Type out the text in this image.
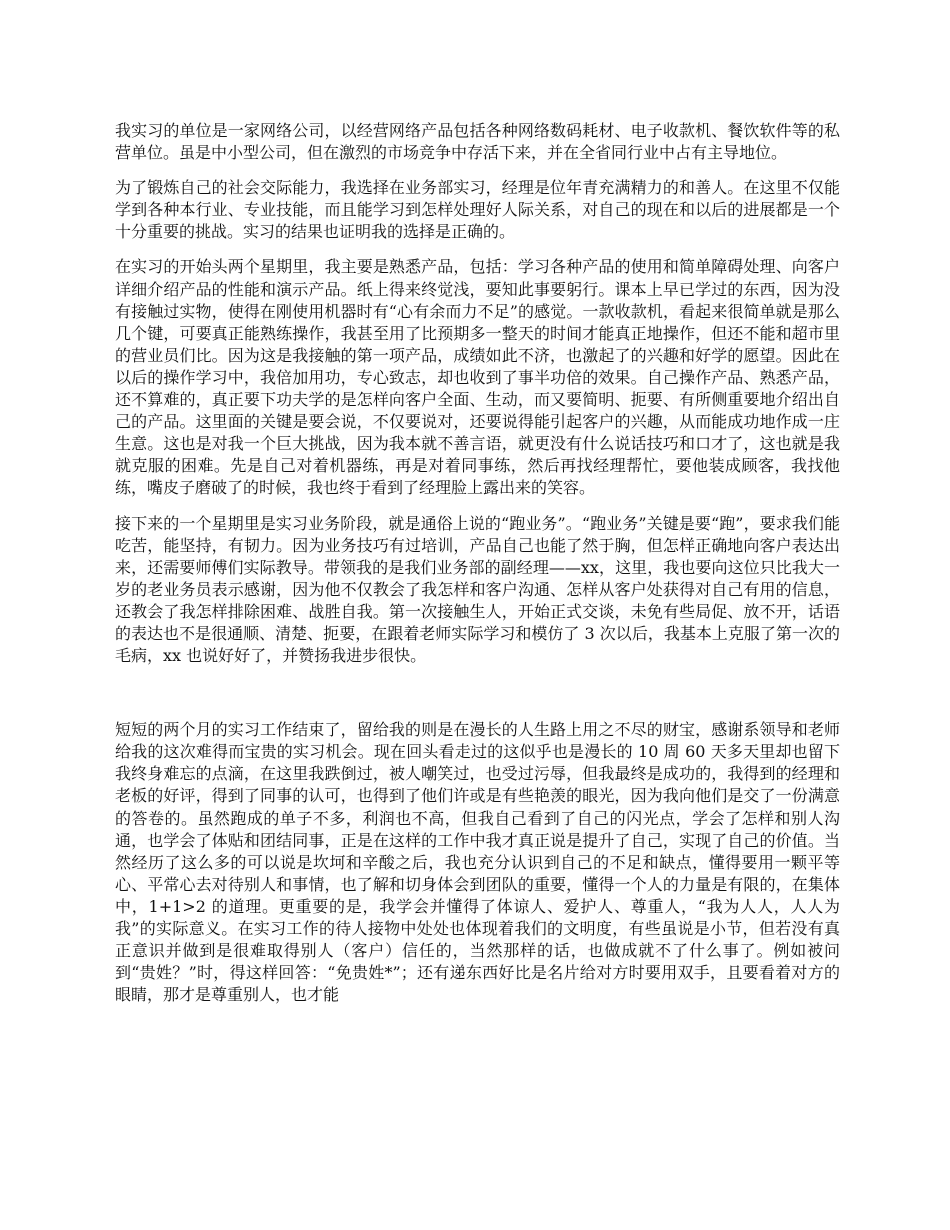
我实习的单位是一家网络公司，以经营网络产品包括各种网络数码耗材、电子收款机、餐饮软件等的私营单位。虽是中小型公司，但在激烈的市场竞争中存活下来，并在全省同行业中占有主导地位。

为了锻炼自己的社会交际能力，我选择在业务部实习，经理是位年青充满精力的和善人。在这里不仅能学到各种本行业、专业技能，而且能学习到怎样处理好人际关系，对自己的现在和以后的进展都是一个十分重要的挑战。实习的结果也证明我的选择是正确的。

在实习的开始头两个星期里，我主要是熟悉产品，包括：学习各种产品的使用和简单障碍处理、向客户详细介绍产品的性能和演示产品。纸上得来终觉浅，要知此事要躬行。课本上早已学过的东西，因为没有接触过实物，使得在刚使用机器时有“心有余而力不足”的感觉。一款收款机，看起来很简单就是那么几个键，可要真正能熟练操作，我甚至用了比预期多一整天的时间才能真正地操作，但还不能和超市里的营业员们比。因为这是我接触的第一项产品，成绩如此不济，也激起了的兴趣和好学的愿望。因此在以后的操作学习中，我倍加用功，专心致志，却也收到了事半功倍的效果。自己操作产品、熟悉产品，还不算难的，真正要下功夫学的是怎样向客户全面、生动，而又要简明、扼要、有所侧重要地介绍出自己的产品。这里面的关键是要会说，不仅要说对，还要说得能引起客户的兴趣，从而能成功地作成一庄生意。这也是对我一个巨大挑战，因为我本就不善言语，就更没有什么说话技巧和口才了，这也就是我就克服的困难。先是自己对着机器练，再是对着同事练，然后再找经理帮忙，要他装成顾客，我找他练，嘴皮子磨破了的时候，我也终于看到了经理脸上露出来的笑容。

接下来的一个星期里是实习业务阶段，就是通俗上说的“跑业务”。“跑业务”关键是要“跑”，要求我们能吃苦，能坚持，有韧力。因为业务技巧有过培训，产品自己也能了然于胸，但怎样正确地向客户表达出来，还需要师傅们实际教导。带领我的是我们业务部的副经理——xx，这里，我也要向这位只比我大一岁的老业务员表示感谢，因为他不仅教会了我怎样和客户沟通、怎样从客户处获得对自己有用的信息，还教会了我怎样排除困难、战胜自我。第一次接触生人，开始正式交谈，未免有些局促、放不开，话语的表达也不是很通顺、清楚、扼要，在跟着老师实际学习和模仿了 3 次以后，我基本上克服了第一次的毛病，xx 也说好好了，并赞扬我进步很快。

短短的两个月的实习工作结束了，留给我的则是在漫长的人生路上用之不尽的财宝，感谢系领导和老师给我的这次难得而宝贵的实习机会。现在回头看走过的这似乎也是漫长的 10 周 60 天多天里却也留下我终身难忘的点滴，在这里我跌倒过，被人嘲笑过，也受过污辱，但我最终是成功的，我得到的经理和老板的好评，得到了同事的认可，也得到了他们许或是有些艳羡的眼光，因为我向他们是交了一份满意的答卷的。虽然跑成的单子不多，利润也不高，但我自己看到了自己的闪光点，学会了怎样和别人沟通，也学会了体贴和团结同事，正是在这样的工作中我才真正说是提升了自己，实现了自己的价值。当然经历了这么多的可以说是坎坷和辛酸之后，我也充分认识到自己的不足和缺点，懂得要用一颗平等心、平常心去对待别人和事情，也了解和切身体会到团队的重要，懂得一个人的力量是有限的，在集体中，1+1>2 的道理。更重要的是，我学会并懂得了体谅人、爱护人、尊重人，“我为人人，人人为我”的实际意义。在实习工作的待人接物中处处也体现着我们的文明度，有些虽说是小节，但若没有真正意识并做到是很难取得别人（客户）信任的，当然那样的话，也做成就不了什么事了。例如被问到“贵姓？”时，得这样回答：“免贵姓*”；还有递东西好比是名片给对方时要用双手，且要看着对方的眼睛，那才是尊重别人，也才能
